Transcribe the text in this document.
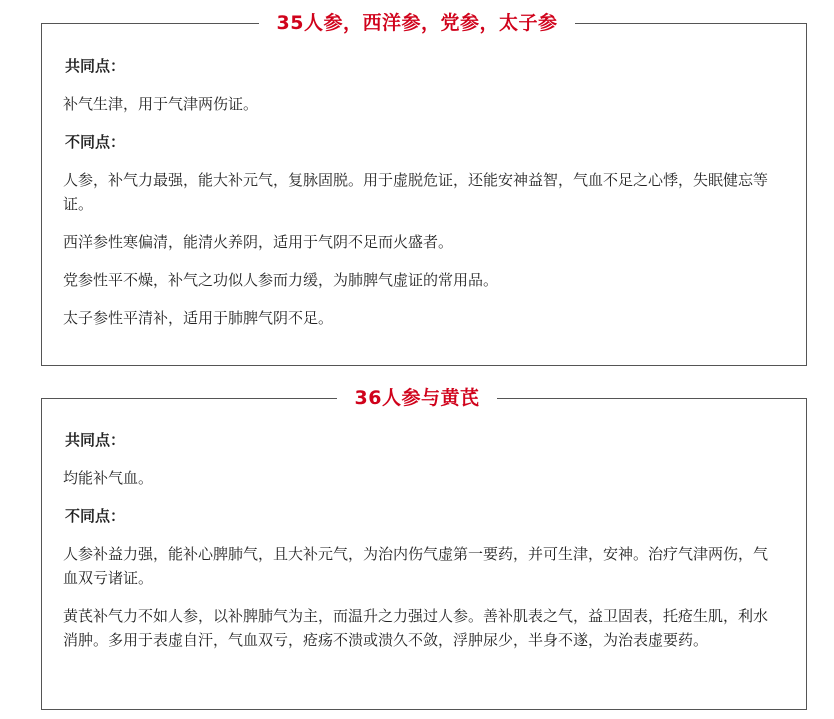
35人参，西洋参，党参，太子参
共同点：
补气生津，用于气津两伤证。
不同点：
人参，补气力最强，能大补元气，复脉固脱。用于虚脱危证，还能安神益智，气血不足之心悸，失眠健忘等证。
西洋参性寒偏清，能清火养阴，适用于气阴不足而火盛者。
党参性平不燥，补气之功似人参而力缓，为肺脾气虚证的常用品。
太子参性平清补，适用于肺脾气阴不足。
36人参与黄芪
共同点：
均能补气血。
不同点：
人参补益力强，能补心脾肺气，且大补元气，为治内伤气虚第一要药，并可生津，安神。治疗气津两伤，气血双亏诸证。
黄芪补气力不如人参，以补脾肺气为主，而温升之力强过人参。善补肌表之气，益卫固表，托疮生肌，利水消肿。多用于表虚自汗，气血双亏，疮疡不溃或溃久不敛，浮肿尿少，半身不遂，为治表虚要药。
